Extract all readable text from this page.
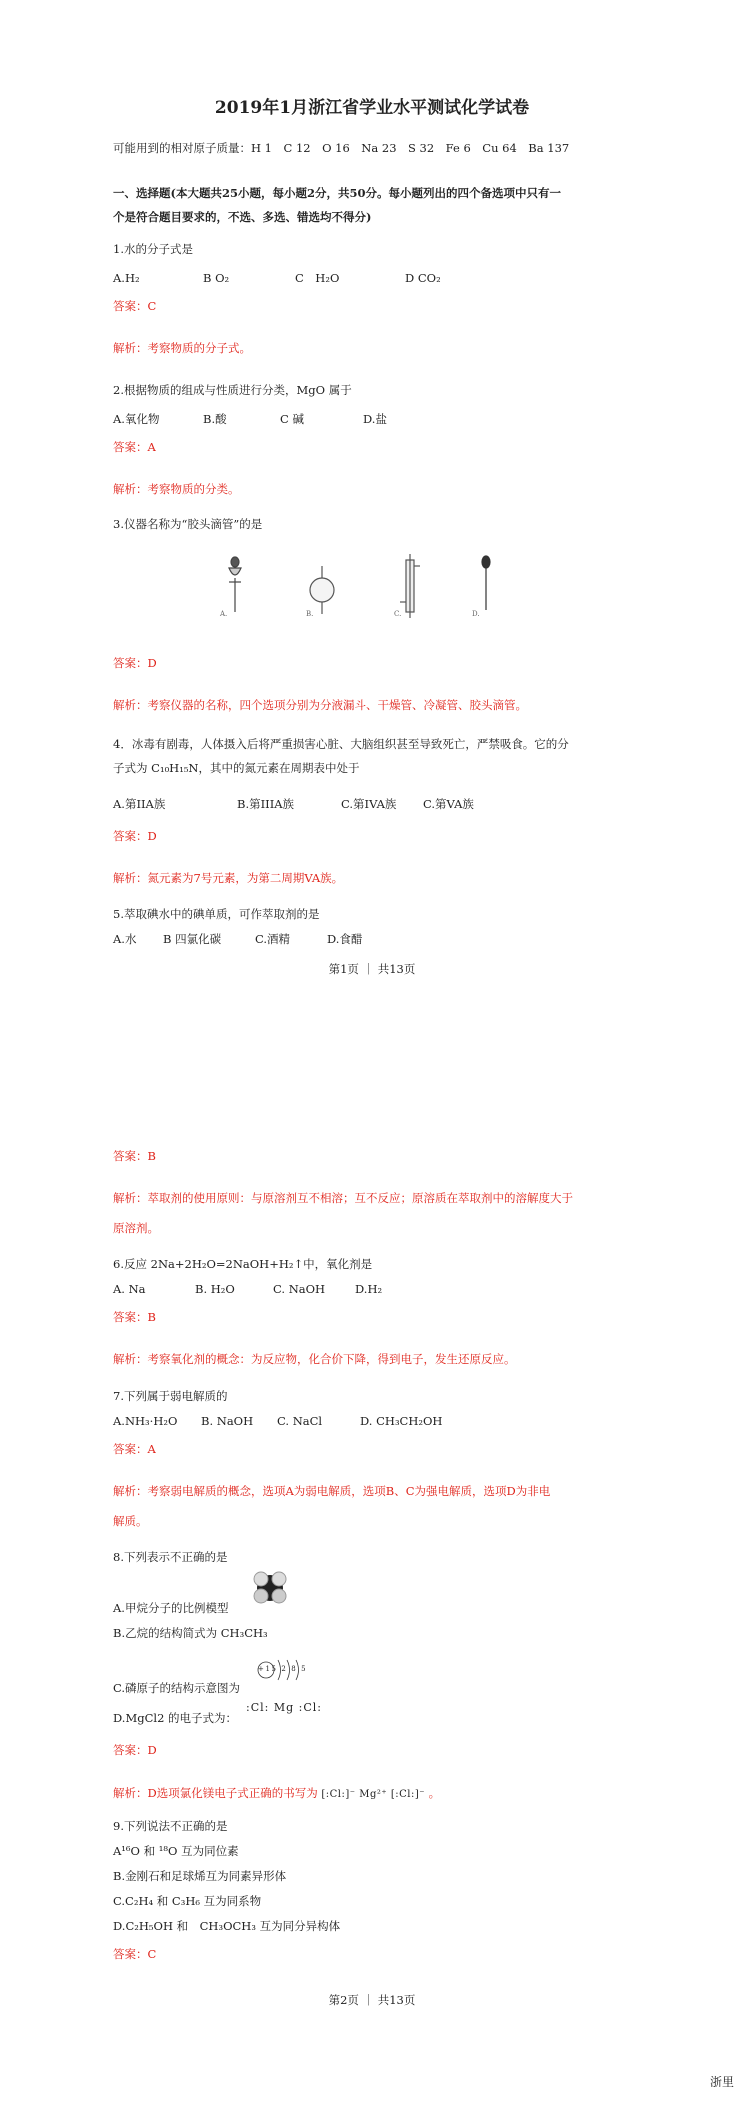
2019年1月浙江省学业水平测试化学试卷
可能用到的相对原子质量：H 1　C 12　O 16　Na 23　S 32　Fe 6　Cu 64　Ba 137
一、选择题(本大题共25小题，每小题2分，共50分。每小题列出的四个备选项中只有一
个是符合题目要求的，不选、多选、错选均不得分)
1.水的分子式是
A.H₂	B O₂	C　H₂O	D CO₂
答案：C
解析：考察物质的分子式。
2.根据物质的组成与性质进行分类，MgO 属于
A.氧化物	B.酸	C 碱	D.盐
答案：A
解析：考察物质的分类。
3.仪器名称为“胶头滴管”的是
A.	B.	C.	D.
答案：D
解析：考察仪器的名称，四个选项分别为分液漏斗、干燥管、冷凝管、胶头滴管。
4．冰毒有剧毒，人体摄入后将严重损害心脏、大脑组织甚至导致死亡，严禁吸食。它的分
子式为 C₁₀H₁₅N，其中的氮元素在周期表中处于
A.第IIA族	B.第IIIA族	C.第IVA族 C.第VA族
答案：D
解析：氮元素为7号元素，为第二周期VA族。
5.萃取碘水中的碘单质，可作萃取剂的是
A.水 B 四氯化碳	C.酒精	D.食醋
第1页 ｜ 共13页
答案：B
解析：萃取剂的使用原则：与原溶剂互不相溶；互不反应；原溶质在萃取剂中的溶解度大于
原溶剂。
6.反应 2Na+2H₂O=2NaOH+H₂↑中，氧化剂是
A. Na	B. H₂O	C. NaOH	D.H₂
答案：B
解析：考察氧化剂的概念：为反应物，化合价下降，得到电子，发生还原反应。
7.下列属于弱电解质的
A.NH₃·H₂O B. NaOH C. NaCl	D. CH₃CH₂OH
答案：A
解析：考察弱电解质的概念，选项A为弱电解质，选项B、C为强电解质，选项D为非电
解质。
8.下列表示不正确的是
A.甲烷分子的比例模型
B.乙烷的结构简式为 CH₃CH₃
+15 2 8 5
C.磷原子的结构示意图为
D.MgCl2 的电子式为：
:Cl: Mg :Cl:
答案：D
解析：D选项氯化镁电子式正确的书写为 [:Cl:]⁻ Mg²⁺ [:Cl:]⁻ 。
9.下列说法不正确的是
A¹⁶O 和 ¹⁸O 互为同位素
B.金刚石和足球烯互为同素异形体
C.C₂H₄ 和 C₃H₆ 互为同系物
D.C₂H₅OH 和　CH₃OCH₃ 互为同分异构体
答案：C
第2页 ｜ 共13页
浙里
